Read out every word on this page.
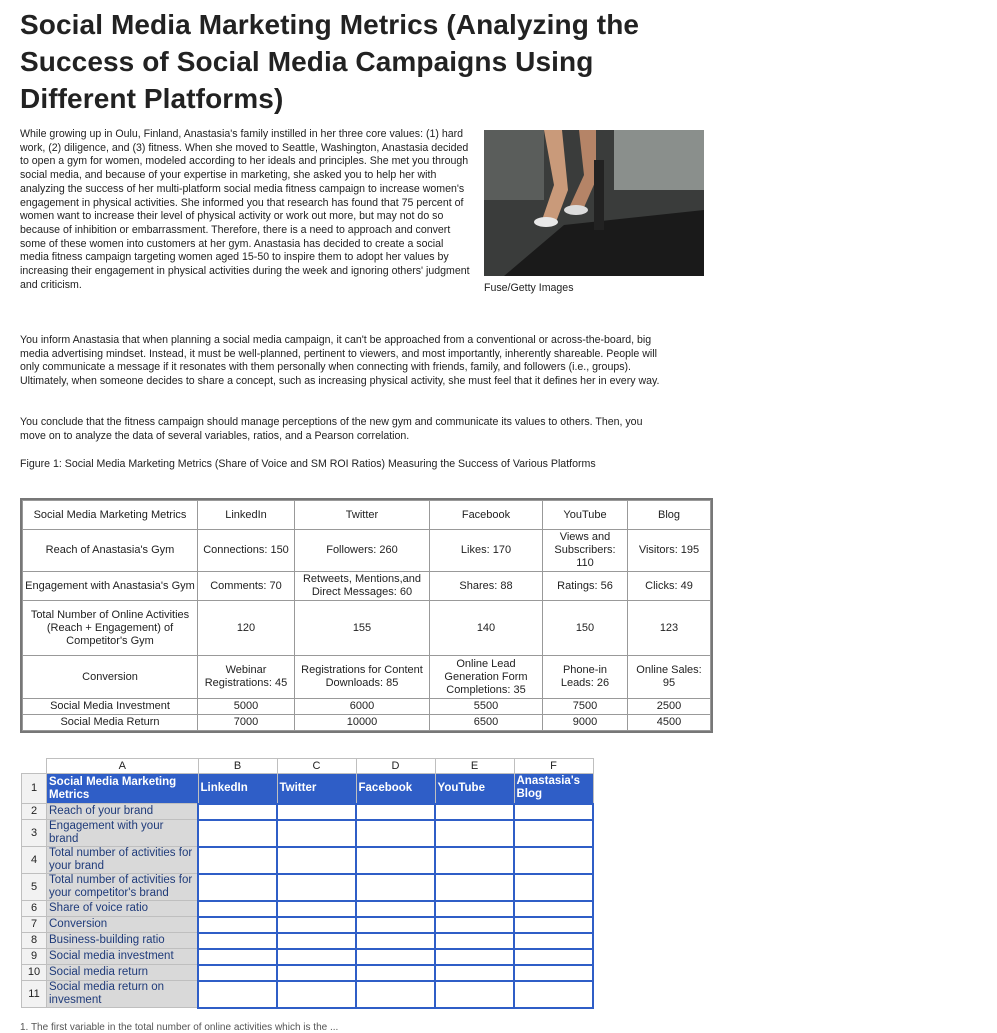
Social Media Marketing Metrics (Analyzing the Success of Social Media Campaigns Using Different Platforms)
While growing up in Oulu, Finland, Anastasia's family instilled in her three core values: (1) hard work, (2) diligence, and (3) fitness. When she moved to Seattle, Washington, Anastasia decided to open a gym for women, modeled according to her ideals and principles. She met you through social media, and because of your expertise in marketing, she asked you to help her with analyzing the success of her multi-platform social media fitness campaign to increase women's engagement in physical activities. She informed you that research has found that 75 percent of women want to increase their level of physical activity or work out more, but may not do so because of inhibition or embarrassment. Therefore, there is a need to approach and convert some of these women into customers at her gym. Anastasia has decided to create a social media fitness campaign targeting women aged 15-50 to inspire them to adopt her values by increasing their engagement in physical activities during the week and ignoring others' judgment and criticism.	Fuse/Getty Images
You inform Anastasia that when planning a social media campaign, it can't be approached from a conventional or across-the-board, big media advertising mindset. Instead, it must be well-planned, pertinent to viewers, and most importantly, inherently shareable. People will only communicate a message if it resonates with them personally when connecting with friends, family, and followers (i.e., groups). Ultimately, when someone decides to share a concept, such as increasing physical activity, she must feel that it defines her in every way.
You conclude that the fitness campaign should manage perceptions of the new gym and communicate its values to others. Then, you move on to analyze the data of several variables, ratios, and a Pearson correlation.
Figure 1: Social Media Marketing Metrics (Share of Voice and SM ROI Ratios) Measuring the Success of Various Platforms
Social Media Marketing Metrics	LinkedIn	Twitter	Facebook	YouTube	Blog
Reach of Anastasia's Gym	Connections: 150	Followers: 260	Likes: 170	Views and Subscribers: 110	Visitors: 195
Engagement with Anastasia's Gym	Comments: 70	Retweets, Mentions,and Direct Messages: 60	Shares: 88	Ratings: 56	Clicks: 49
Total Number of Online Activities (Reach + Engagement) of Competitor's Gym	120	155	140	150	123
Conversion	Webinar Registrations: 45	Registrations for Content Downloads: 85	Online Lead Generation Form Completions: 35	Phone-in Leads: 26	Online Sales: 95
Social Media Investment	5000	6000	5500	7500	2500
Social Media Return	7000	10000	6500	9000	4500
	A	B	C	D	E	F
1	Social Media Marketing Metrics	LinkedIn	Twitter	Facebook	YouTube	Anastasia's Blog
2	Reach of your brand					
3	Engagement with your brand					
4	Total number of activities for your brand					
5	Total number of activities for your competitor's brand					
6	Share of voice ratio					
7	Conversion					
8	Business-building ratio					
9	Social media investment					
10	Social media return					
11	Social media return on invesment					
1. The first variable in the total number of online activities which is the ...
